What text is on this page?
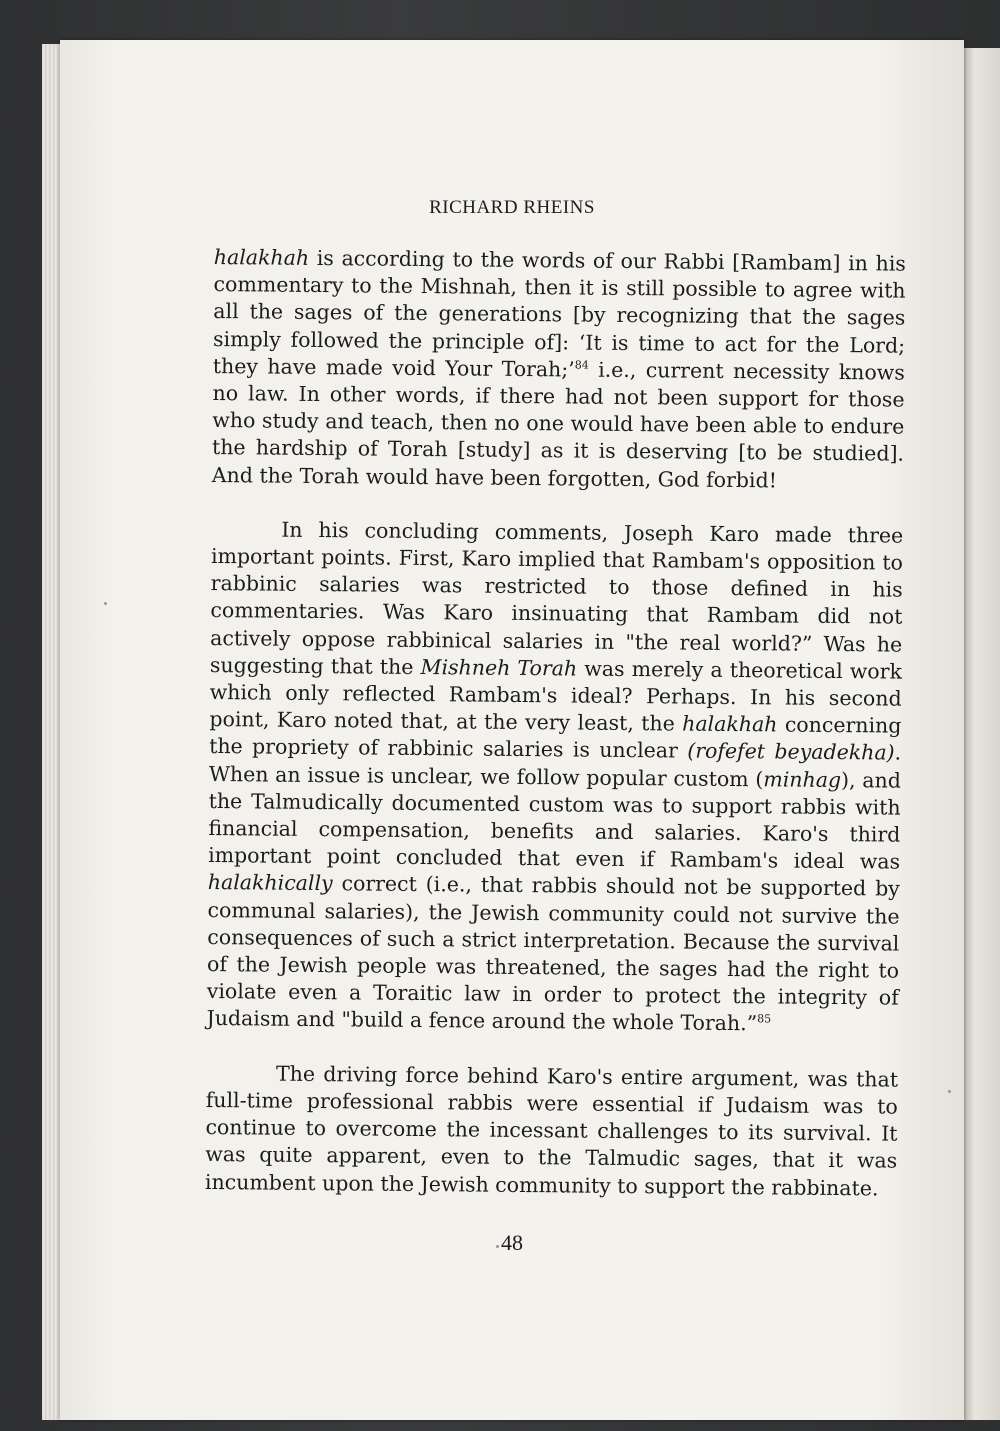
RICHARD RHEINS

halakhah is according to the words of our Rabbi [Rambam] in his commentary to the Mishnah, then it is still possible to agree with all the sages of the generations [by recognizing that the sages simply followed the principle of]: ‘It is time to act for the Lord; they have made void Your Torah;’$^{84}$ i.e., current necessity knows no law. In other words, if there had not been support for those who study and teach, then no one would have been able to endure the hardship of Torah [study] as it is deserving [to be studied]. And the Torah would have been forgotten, God forbid!

In his concluding comments, Joseph Karo made three important points. First, Karo implied that Rambam's opposition to rabbinic salaries was restricted to those defined in his commentaries. Was Karo insinuating that Rambam did not actively oppose rabbinical salaries in "the real world?” Was he suggesting that the Mishneh Torah was merely a theoretical work which only reflected Rambam's ideal? Perhaps. In his second point, Karo noted that, at the very least, the halakhah concerning the propriety of rabbinic salaries is unclear (rofefet beyadekha). When an issue is unclear, we follow popular custom (minhag), and the Talmudically documented custom was to support rabbis with financial compensation, benefits and salaries. Karo's third important point concluded that even if Rambam's ideal was halakhically correct (i.e., that rabbis should not be supported by communal salaries), the Jewish community could not survive the consequences of such a strict interpretation. Because the survival of the Jewish people was threatened, the sages had the right to violate even a Toraitic law in order to protect the integrity of Judaism and "build a fence around the whole Torah.”$^{85}$

The driving force behind Karo's entire argument, was that full-time professional rabbis were essential if Judaism was to continue to overcome the incessant challenges to its survival. It was quite apparent, even to the Talmudic sages, that it was incumbent upon the Jewish community to support the rabbinate.

48
